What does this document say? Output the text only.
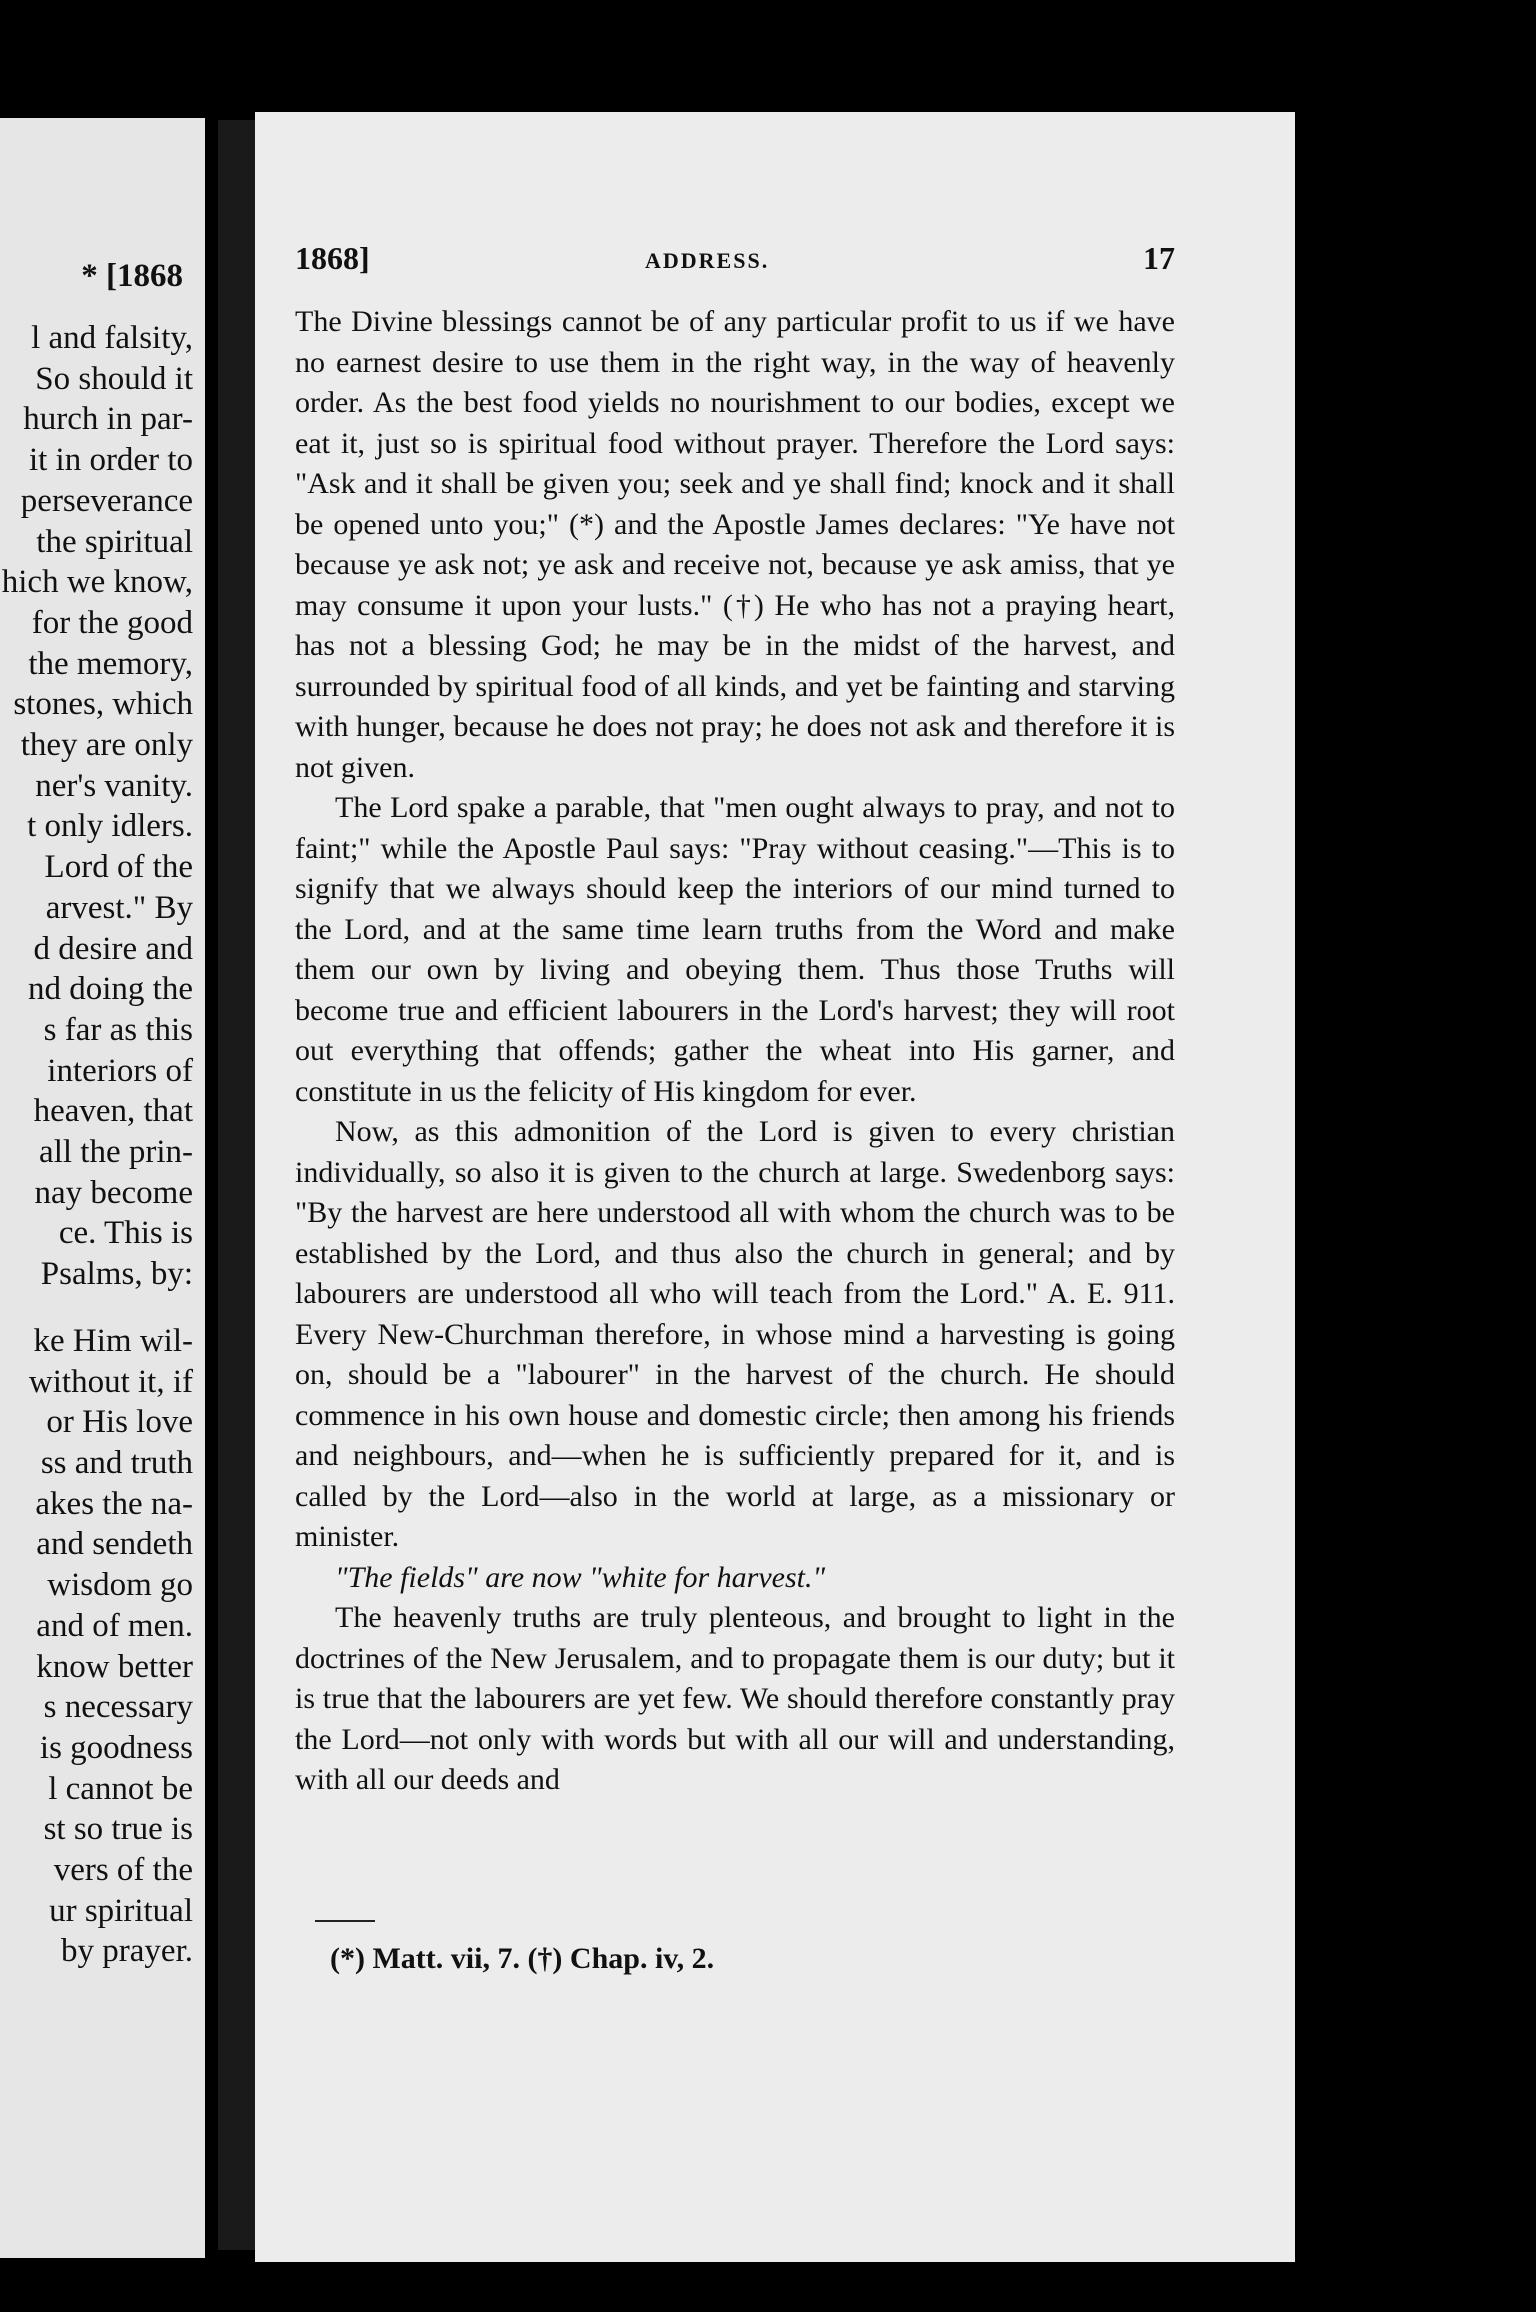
* [1868
l and falsity,
So should it
hurch in par-
it in order to
perseverance
the spiritual
hich we know,
for the good
the memory,
stones, which
they are only
ner's vanity.
t only idlers.
Lord of the
arvest." By
d desire and
nd doing the
s far as this
interiors of
heaven, that
all the prin-
nay become
ce. This is
Psalms, by:
ke Him wil-
without it, if
or His love
ss and truth
akes the na-
and sendeth
wisdom go
and of men.
know better
s necessary
is goodness
l cannot be
st so true is
vers of the
ur spiritual
by prayer.
1868]	ADDRESS.	17

The Divine blessings cannot be of any particular profit to us if we have no earnest desire to use them in the right way, in the way of heavenly order. As the best food yields no nourishment to our bodies, except we eat it, just so is spiritual food without prayer. Therefore the Lord says: "Ask and it shall be given you; seek and ye shall find; knock and it shall be opened unto you;" (*) and the Apostle James declares: "Ye have not because ye ask not; ye ask and receive not, because ye ask amiss, that ye may consume it upon your lusts." (†) He who has not a praying heart, has not a blessing God; he may be in the midst of the harvest, and surrounded by spiritual food of all kinds, and yet be fainting and starving with hunger, because he does not pray; he does not ask and therefore it is not given.

The Lord spake a parable, that "men ought always to pray, and not to faint;" while the Apostle Paul says: "Pray without ceasing."—This is to signify that we always should keep the interiors of our mind turned to the Lord, and at the same time learn truths from the Word and make them our own by living and obeying them. Thus those Truths will become true and efficient labourers in the Lord's harvest; they will root out everything that offends; gather the wheat into His garner, and constitute in us the felicity of His kingdom for ever.

Now, as this admonition of the Lord is given to every christian individually, so also it is given to the church at large. Swedenborg says: "By the harvest are here understood all with whom the church was to be established by the Lord, and thus also the church in general; and by labourers are understood all who will teach from the Lord." A. E. 911. Every New-Churchman therefore, in whose mind a harvesting is going on, should be a "labourer" in the harvest of the church. He should commence in his own house and domestic circle; then among his friends and neighbours, and—when he is sufficiently prepared for it, and is called by the Lord—also in the world at large, as a missionary or minister.

"The fields" are now "white for harvest."

The heavenly truths are truly plenteous, and brought to light in the doctrines of the New Jerusalem, and to propagate them is our duty; but it is true that the labourers are yet few. We should therefore constantly pray the Lord—not only with words but with all our will and understanding, with all our deeds and

(*) Matt. vii, 7. (†) Chap. iv, 2.
